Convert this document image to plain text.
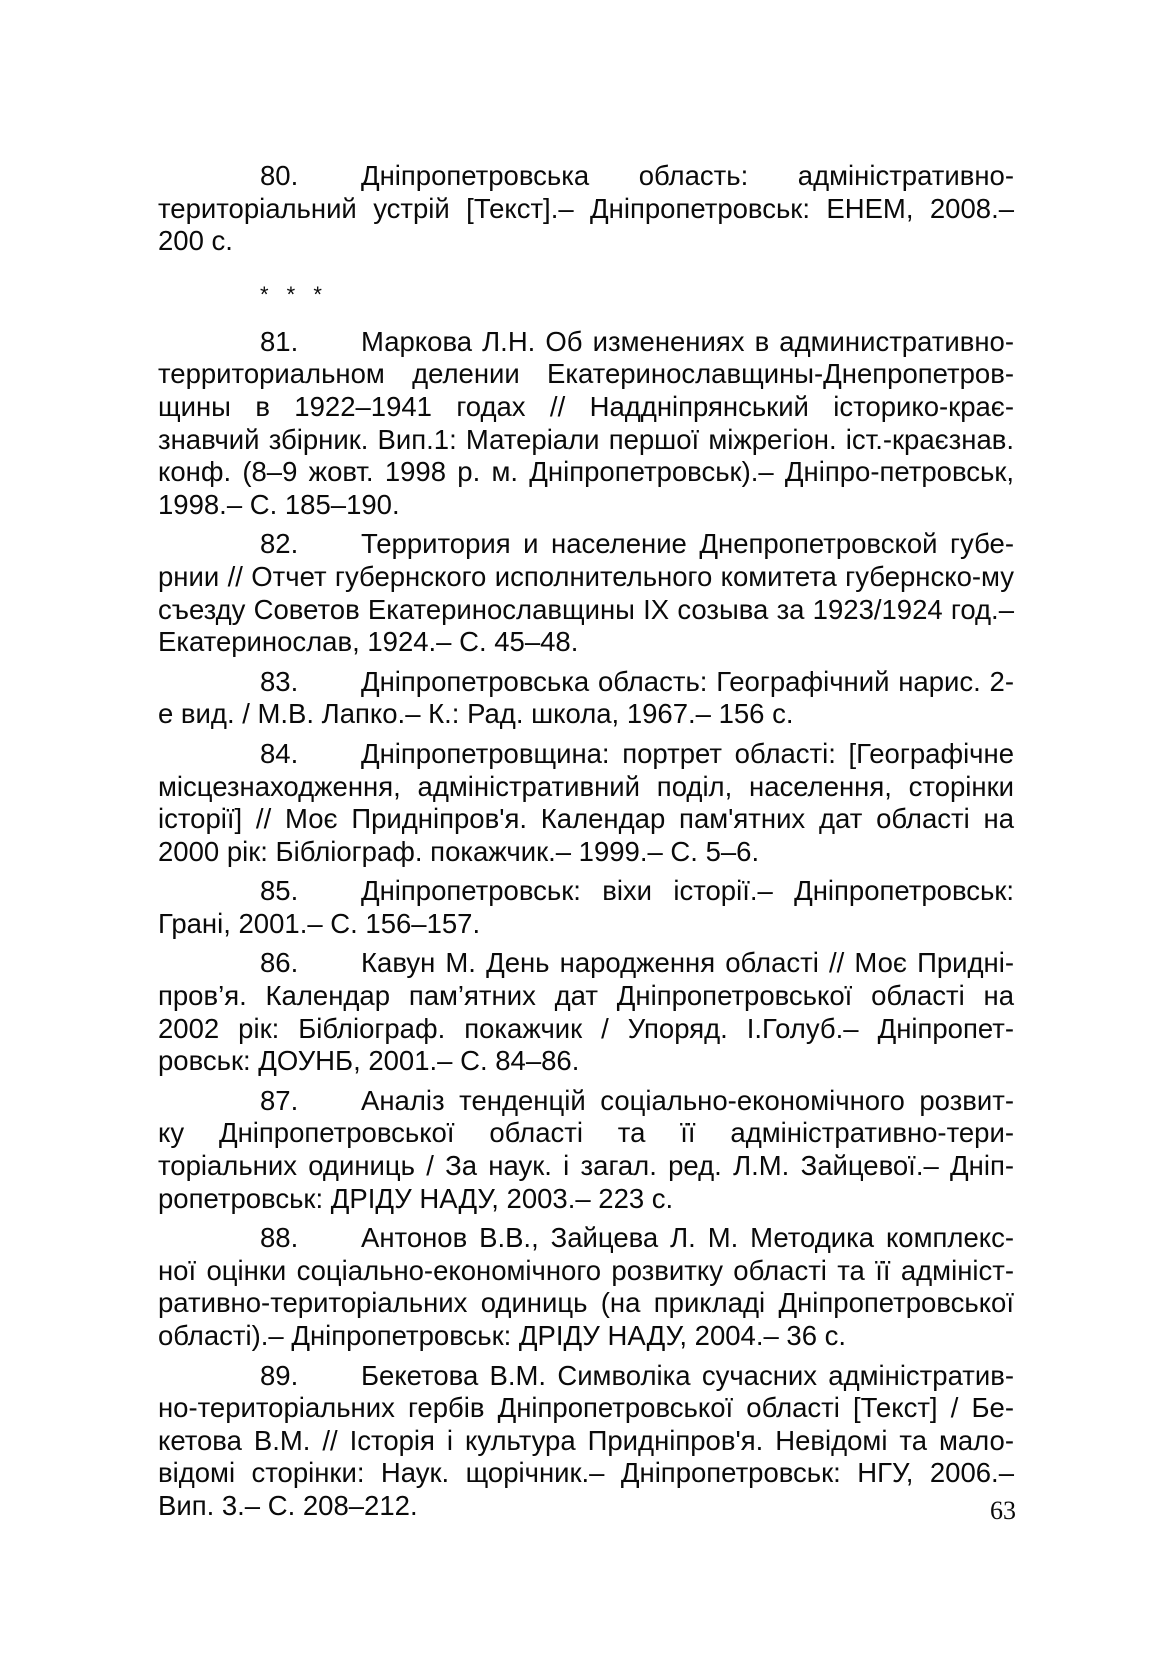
80. Дніпропетровська область: адміністративно-територіальний устрій [Текст].– Дніпропетровськ: ЕНЕМ, 2008.– 200 с.

* * *

81. Маркова Л.Н. Об изменениях в административно-территориальном делении Екатеринославщины-Днепропетров-щины в 1922–1941 годах // Наддніпрянський історико-крає-знавчий збірник. Вип.1: Матеріали першої міжрегіон. іст.-краєзнав. конф. (8–9 жовт. 1998 р. м. Дніпропетровськ).– Дніпро-петровськ, 1998.– С. 185–190.

82. Территория и население Днепропетровской губе-рнии // Отчет губернского исполнительного комитета губернско-му съезду Советов Екатеринославщины IX созыва за 1923/1924 год.– Екатеринослав, 1924.– С. 45–48.

83. Дніпропетровська область: Географічний нарис. 2-е вид. / М.В. Лапко.– К.: Рад. школа, 1967.– 156 с.

84. Дніпропетровщина: портрет області: [Географічне місцезнаходження, адміністративний поділ, населення, сторінки історії] // Моє Придніпров'я. Календар пам'ятних дат області на 2000 рік: Бібліограф. покажчик.– 1999.– С. 5–6.

85. Дніпропетровськ: віхи історії.– Дніпропетровськ: Грані, 2001.– С. 156–157.

86. Кавун М. День народження області // Моє Придні-пров’я. Календар пам’ятних дат Дніпропетровської області на 2002 рік: Бібліограф. покажчик / Упоряд. І.Голуб.– Дніпропет-ровськ: ДОУНБ, 2001.– С. 84–86.

87. Аналіз тенденцій соціально-економічного розвит-ку Дніпропетровської області та її адміністративно-тери-торіальних одиниць / За наук. і загал. ред. Л.М. Зайцевої.– Дніп-ропетровськ: ДРІДУ НАДУ, 2003.– 223 с.

88. Антонов В.В., Зайцева Л. М. Методика комплекс-ної оцінки соціально-економічного розвитку області та її адмініст-ративно-територіальних одиниць (на прикладі Дніпропетровської області).– Дніпропетровськ: ДРІДУ НАДУ, 2004.– 36 с.

89. Бекетова В.М. Символіка сучасних адміністратив-но-територіальних гербів Дніпропетровської області [Текст] / Бе-кетова В.М. // Історія і культура Придніпров'я. Невідомі та мало-відомі сторінки: Наук. щорічник.– Дніпропетровськ: НГУ, 2006.– Вип. 3.– С. 208–212.	63
